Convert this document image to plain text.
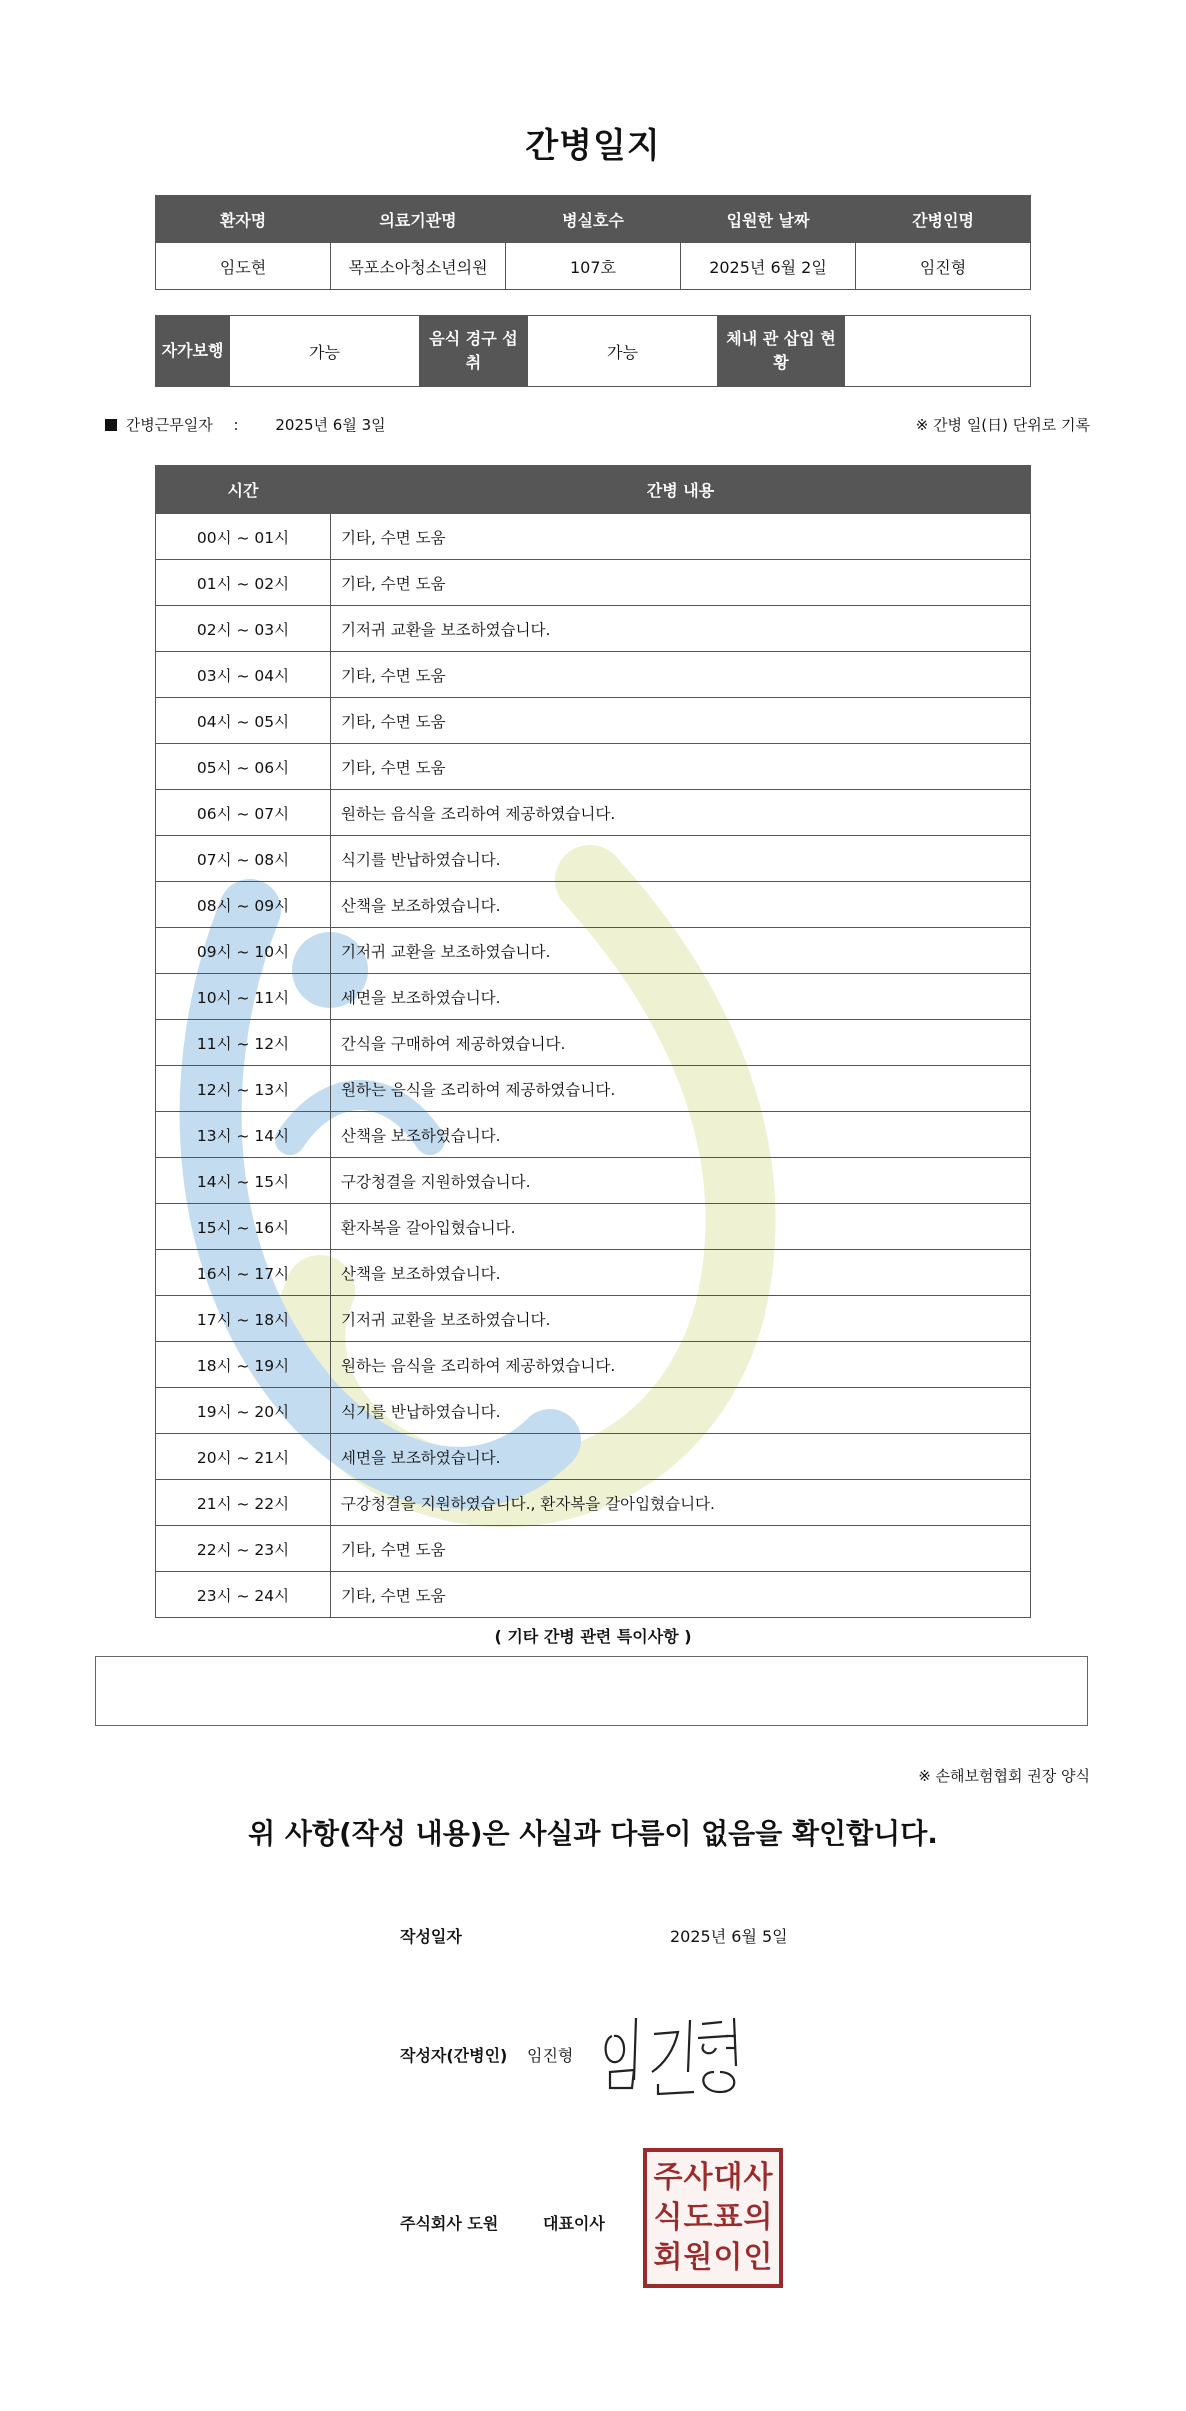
간병일지
환자명	의료기관명	병실호수	입원한 날짜	간병인명
임도현	목포소아청소년의원	107호	2025년 6월 2일	임진형
자가보행	가능	음식 경구 섭취	가능	체내 관 삽입 현황	
간병근무일자 : 2025년 6월 3일	※ 간병 일(日) 단위로 기록
시간	간병 내용
00시 ~ 01시	기타, 수면 도움
01시 ~ 02시	기타, 수면 도움
02시 ~ 03시	기저귀 교환을 보조하였습니다.
03시 ~ 04시	기타, 수면 도움
04시 ~ 05시	기타, 수면 도움
05시 ~ 06시	기타, 수면 도움
06시 ~ 07시	원하는 음식을 조리하여 제공하였습니다.
07시 ~ 08시	식기를 반납하였습니다.
08시 ~ 09시	산책을 보조하였습니다.
09시 ~ 10시	기저귀 교환을 보조하였습니다.
10시 ~ 11시	세면을 보조하였습니다.
11시 ~ 12시	간식을 구매하여 제공하였습니다.
12시 ~ 13시	원하는 음식을 조리하여 제공하였습니다.
13시 ~ 14시	산책을 보조하였습니다.
14시 ~ 15시	구강청결을 지원하였습니다.
15시 ~ 16시	환자복을 갈아입혔습니다.
16시 ~ 17시	산책을 보조하였습니다.
17시 ~ 18시	기저귀 교환을 보조하였습니다.
18시 ~ 19시	원하는 음식을 조리하여 제공하였습니다.
19시 ~ 20시	식기를 반납하였습니다.
20시 ~ 21시	세면을 보조하였습니다.
21시 ~ 22시	구강청결을 지원하였습니다., 환자복을 갈아입혔습니다.
22시 ~ 23시	기타, 수면 도움
23시 ~ 24시	기타, 수면 도움
( 기타 간병 관련 특이사항 )
※ 손해보험협회 권장 양식
위 사항(작성 내용)은 사실과 다름이 없음을 확인합니다.
작성일자	2025년 6월 5일
작성자(간병인) 임진형
주식회사 도원	대표이사
주 사 대 사
식 도 표 의
회 원 이 인
